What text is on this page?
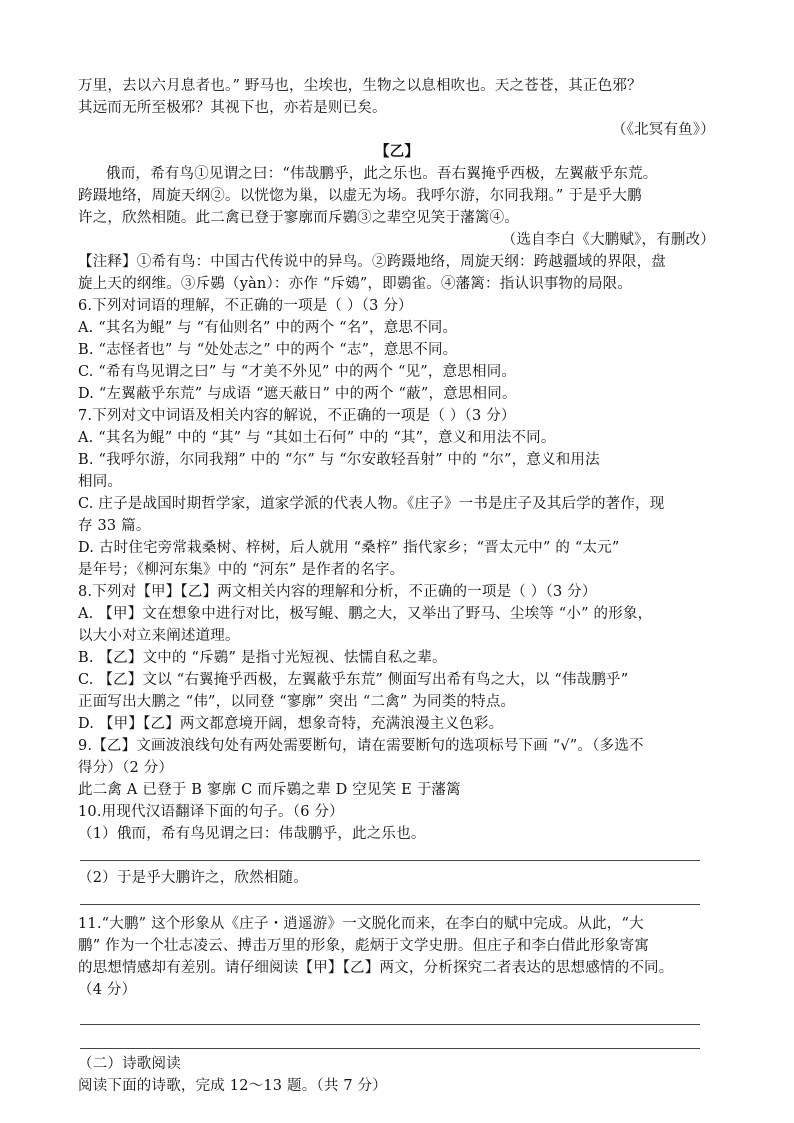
万里，去以六月息者也。” 野马也，尘埃也，生物之以息相吹也。天之苍苍，其正色邪？
其远而无所至极邪？其视下也，亦若是则已矣。
（《北冥有鱼》）
【乙】
俄而，希有鸟①见谓之曰：“伟哉鹏乎，此之乐也。吾右翼掩乎西极，左翼蔽乎东荒。
跨蹑地络，周旋天纲②。以恍惚为巢，以虚无为场。我呼尔游，尔同我翔。” 于是乎大鹏
许之，欣然相随。此二禽已登于寥廓而斥鷃③之辈空见笑于藩篱④。
（选自李白《大鹏赋》，有删改）
【注释】①希有鸟：中国古代传说中的异鸟。②跨蹑地络，周旋天纲：跨越疆域的界限，盘
旋上天的纲维。③斥鷃（yàn）：亦作 “斥鴳”，即鷃雀。④藩篱：指认识事物的局限。
6.下列对词语的理解，不正确的一项是（ ）（3 分）
A. “其名为鲲” 与 “有仙则名” 中的两个 “名”，意思不同。
B. “志怪者也” 与 “处处志之” 中的两个 “志”，意思不同。
C. “希有鸟见谓之曰” 与 “才美不外见” 中的两个 “见”，意思相同。
D. “左翼蔽乎东荒” 与成语 “遮天蔽日” 中的两个 “蔽”，意思相同。
7.下列对文中词语及相关内容的解说，不正确的一项是（ ）（3 分）
A. “其名为鲲” 中的 “其” 与 “其如土石何” 中的 “其”，意义和用法不同。
B. “我呼尔游，尔同我翔” 中的 “尔” 与 “尔安敢轻吾射” 中的 “尔”，意义和用法
相同。
C. 庄子是战国时期哲学家，道家学派的代表人物。《庄子》一书是庄子及其后学的著作，现
存 33 篇。
D. 古时住宅旁常栽桑树、梓树，后人就用 “桑梓” 指代家乡；“晋太元中” 的 “太元”
是年号；《柳河东集》中的 “河东” 是作者的名字。
8.下列对【甲】【乙】两文相关内容的理解和分析，不正确的一项是（ ）（3 分）
A. 【甲】文在想象中进行对比，极写鲲、鹏之大，又举出了野马、尘埃等 “小” 的形象，
以大小对立来阐述道理。
B. 【乙】文中的 “斥鷃” 是指寸光短视、怯懦自私之辈。
C. 【乙】文以 “右翼掩乎西极，左翼蔽乎东荒” 侧面写出希有鸟之大，以 “伟哉鹏乎”
正面写出大鹏之 “伟”，以同登 “寥廓” 突出 “二禽” 为同类的特点。
D. 【甲】【乙】两文都意境开阔，想象奇特，充满浪漫主义色彩。
9.【乙】文画波浪线句处有两处需要断句，请在需要断句的选项标号下画 “√”。（多选不
得分）（2 分）
此二禽 A 已登于 B 寥廓 C 而斥鷃之辈 D 空见笑 E 于藩篱
10.用现代汉语翻译下面的句子。（6 分）
（1）俄而，希有鸟见谓之曰：伟哉鹏乎，此之乐也。
（2）于是乎大鹏许之，欣然相随。
11.“大鹏” 这个形象从《庄子・逍遥游》一文脱化而来，在李白的赋中完成。从此，“大
鹏” 作为一个壮志凌云、搏击万里的形象，彪炳于文学史册。但庄子和李白借此形象寄寓
的思想情感却有差别。请仔细阅读【甲】【乙】两文，分析探究二者表达的思想感情的不同。
（4 分）
（二）诗歌阅读
阅读下面的诗歌，完成 12～13 题。（共 7 分）
